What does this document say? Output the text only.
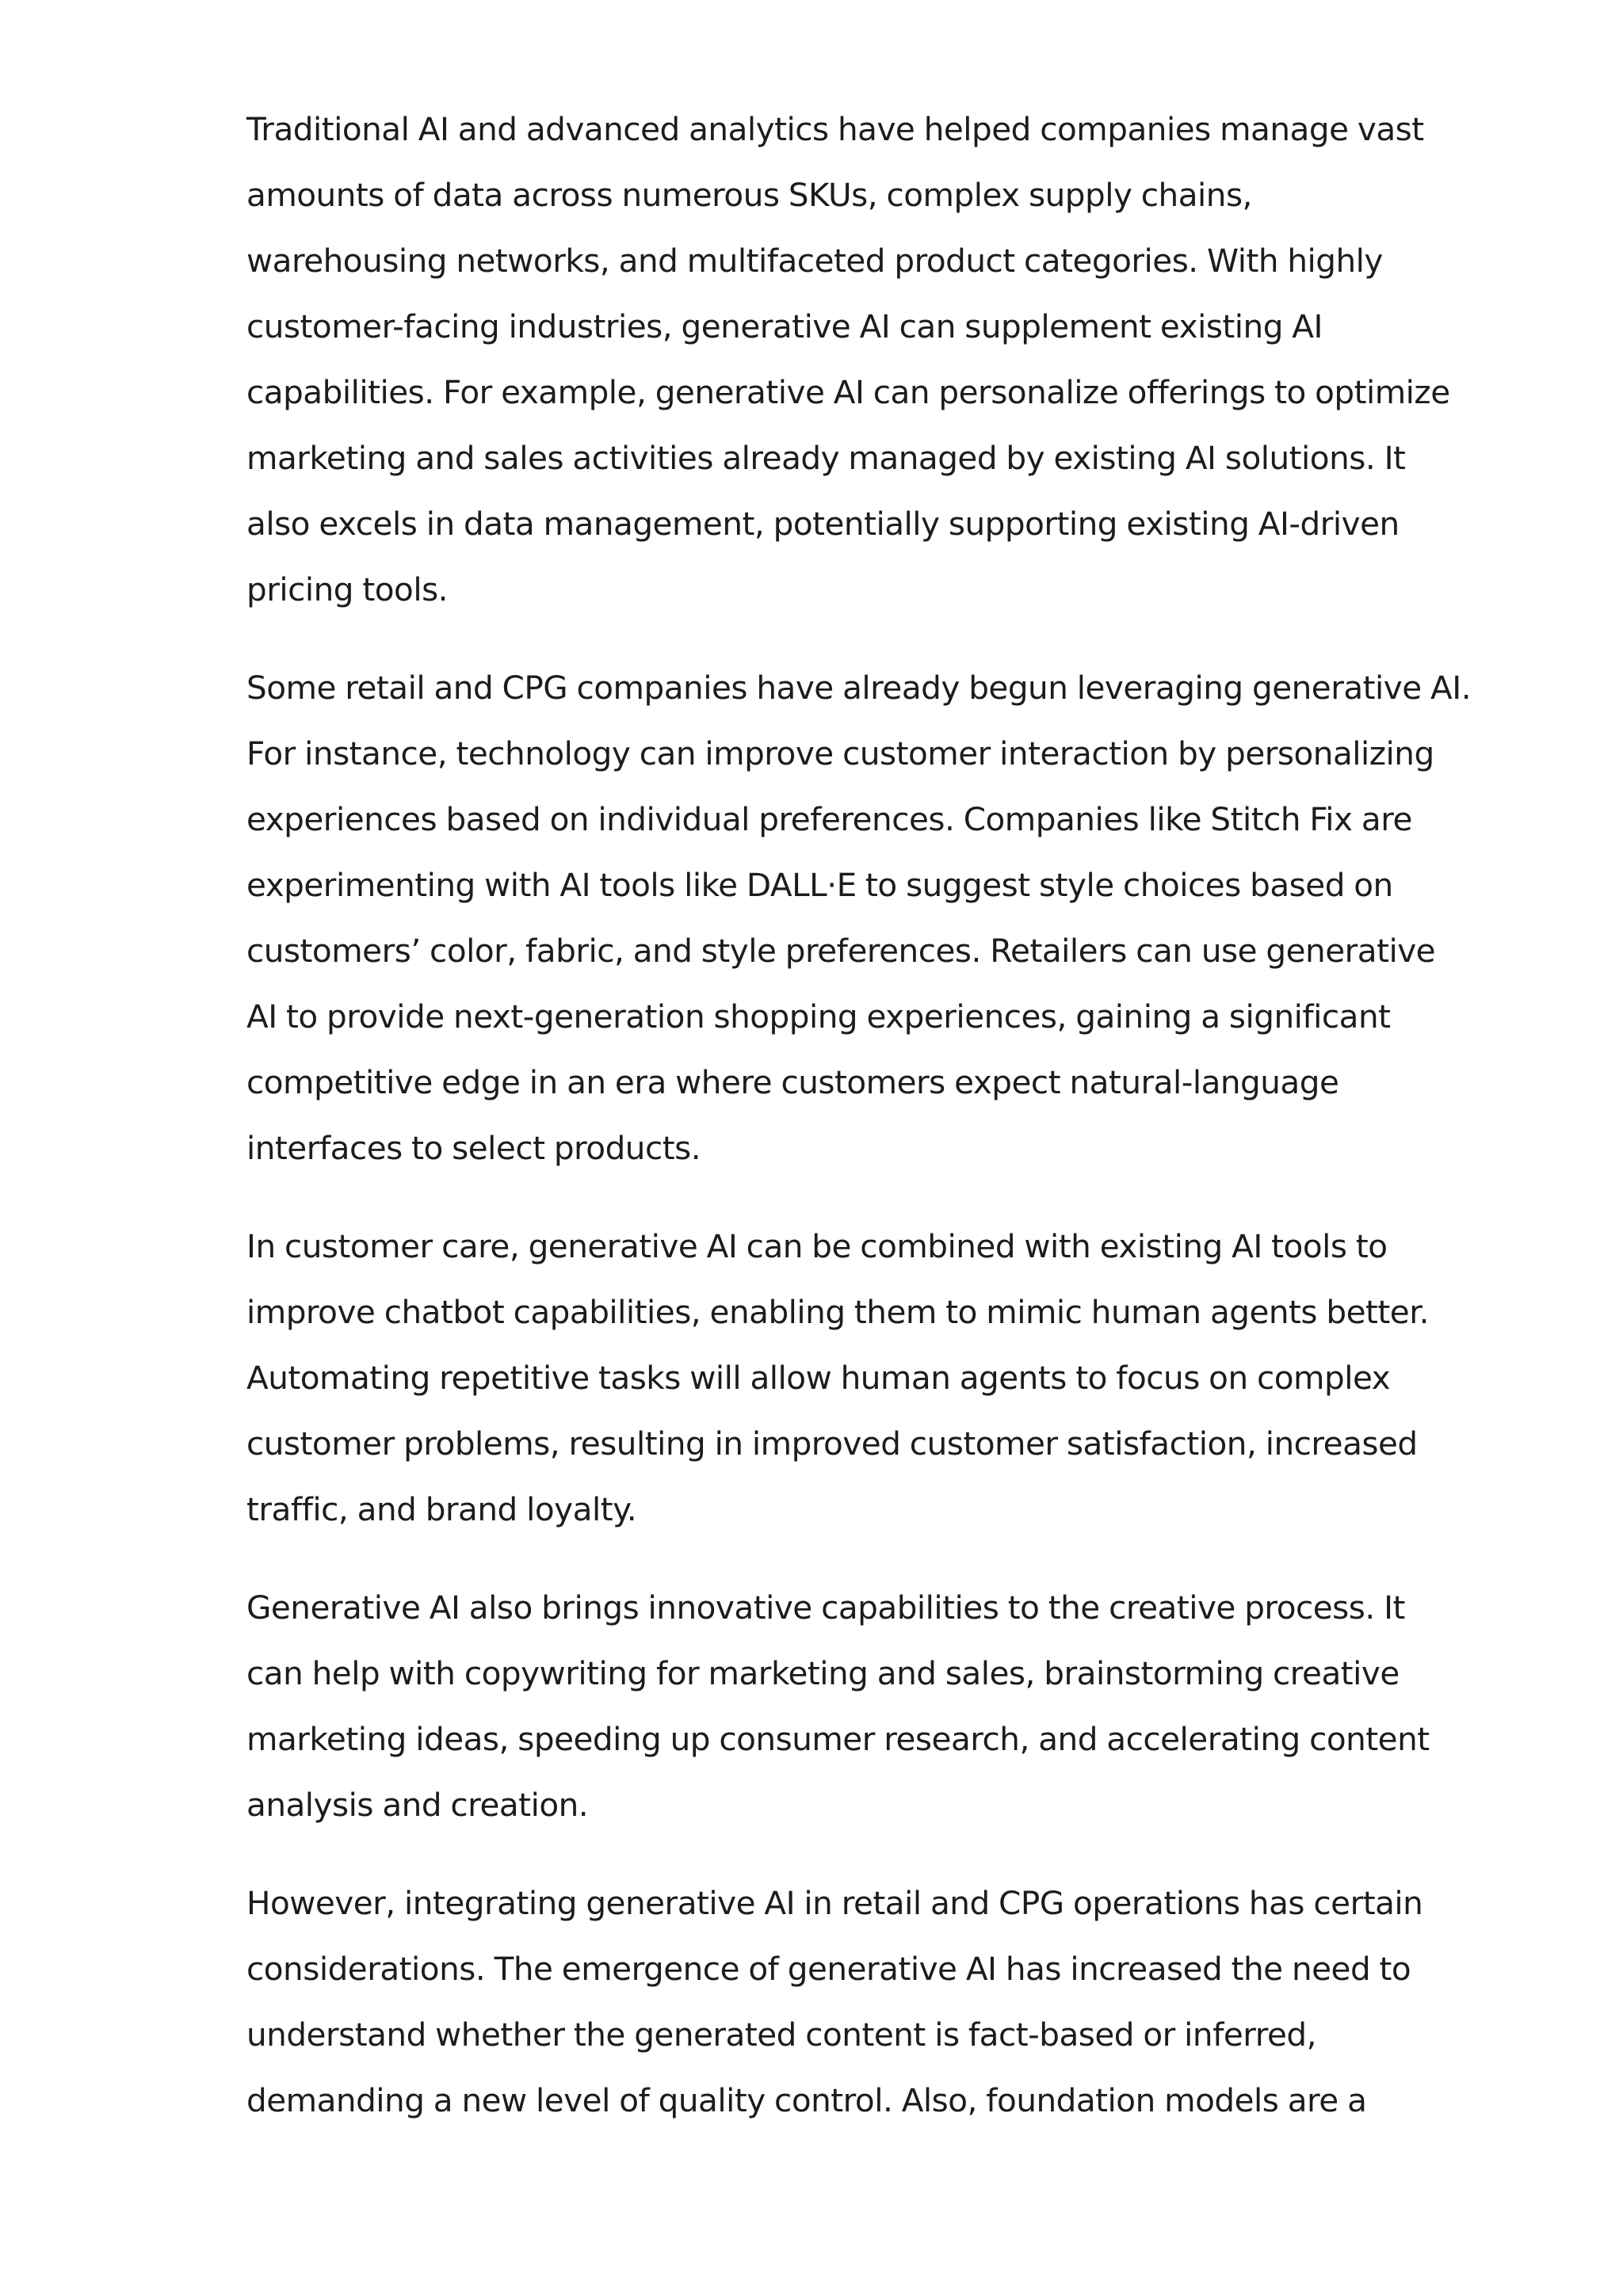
Traditional AI and advanced analytics have helped companies manage vast
amounts of data across numerous SKUs, complex supply chains,
warehousing networks, and multifaceted product categories. With highly
customer-facing industries, generative AI can supplement existing AI
capabilities. For example, generative AI can personalize offerings to optimize
marketing and sales activities already managed by existing AI solutions. It
also excels in data management, potentially supporting existing AI-driven
pricing tools.

Some retail and CPG companies have already begun leveraging generative AI.
For instance, technology can improve customer interaction by personalizing
experiences based on individual preferences. Companies like Stitch Fix are
experimenting with AI tools like DALL·E to suggest style choices based on
customers’ color, fabric, and style preferences. Retailers can use generative
AI to provide next-generation shopping experiences, gaining a significant
competitive edge in an era where customers expect natural-language
interfaces to select products.

In customer care, generative AI can be combined with existing AI tools to
improve chatbot capabilities, enabling them to mimic human agents better.
Automating repetitive tasks will allow human agents to focus on complex
customer problems, resulting in improved customer satisfaction, increased
traffic, and brand loyalty.

Generative AI also brings innovative capabilities to the creative process. It
can help with copywriting for marketing and sales, brainstorming creative
marketing ideas, speeding up consumer research, and accelerating content
analysis and creation.

However, integrating generative AI in retail and CPG operations has certain
considerations. The emergence of generative AI has increased the need to
understand whether the generated content is fact-based or inferred,
demanding a new level of quality control. Also, foundation models are a
